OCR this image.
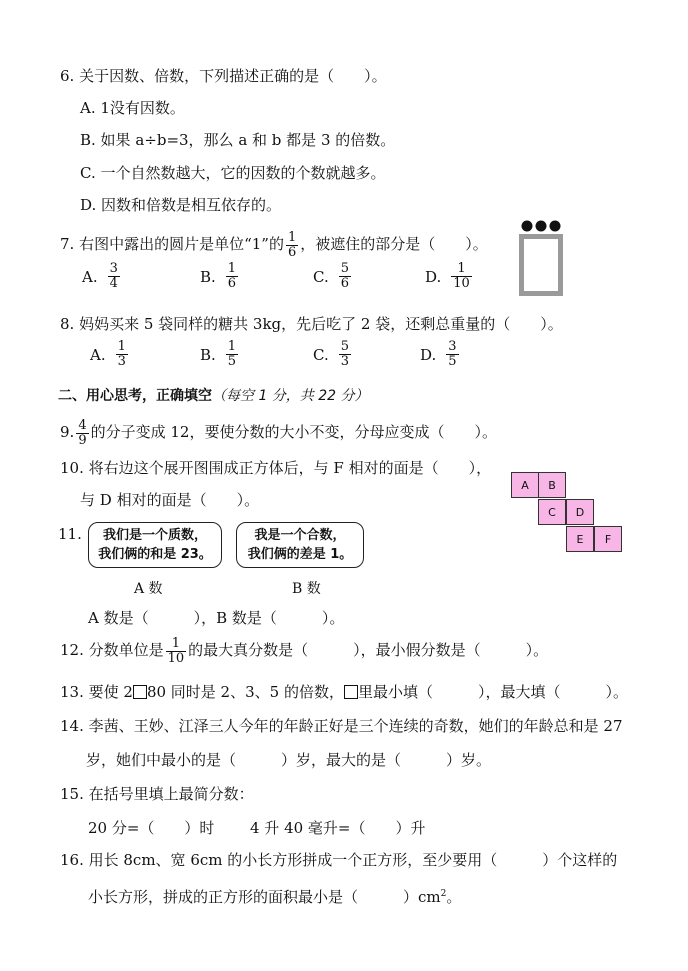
6. 关于因数、倍数，下列描述正确的是（　　）。
A. 1没有因数。
B. 如果 a÷b=3，那么 a 和 b 都是 3 的倍数。
C. 一个自然数越大，它的因数的个数就越多。
D. 因数和倍数是相互依存的。
7. 右图中露出的圆片是单位“1”的 $\frac{1}{6}$ ，被遮住的部分是（　　）。
A. $\frac{3}{4}$	B. $\frac{1}{6}$	C. $\frac{5}{6}$	D. $\frac{1}{10}$
8. 妈妈买来 5 袋同样的糖共 3kg，先后吃了 2 袋，还剩总重量的（　　）。
A. $\frac{1}{3}$	B. $\frac{1}{5}$	C. $\frac{5}{3}$	D. $\frac{3}{5}$
二、用心思考，正确填空（每空 1 分，共 22 分）
9. $\frac{4}{9}$ 的分子变成 12，要使分数的大小不变，分母应变成（　　）。
10. 将右边这个展开图围成正方体后，与 F 相对的面是（　　），
与 D 相对的面是（　　）。
A	B
C	D
E	F
11.	我们是一个质数，
我们俩的和是 23。
我是一个合数，
我们俩的差是 1。
A 数	B 数
A 数是（　　　），B 数是（　　　）。
12. 分数单位是 $\frac{1}{10}$ 的最大真分数是（　　　），最小假分数是（　　　）。
13. 要使 2 80 同时是 2、3、5 的倍数， 里最小填（　　　），最大填（　　　）。
14. 李茜、王妙、江泽三人今年的年龄正好是三个连续的奇数，她们的年龄总和是 27
岁，她们中最小的是（　　　）岁，最大的是（　　　）岁。
15. 在括号里填上最简分数：
20 分=（　　）时 4 升 40 毫升=（　　）升
16. 用长 8cm、宽 6cm 的小长方形拼成一个正方形，至少要用（　　　）个这样的
小长方形，拼成的正方形的面积最小是（　　　）$cm^2$。
